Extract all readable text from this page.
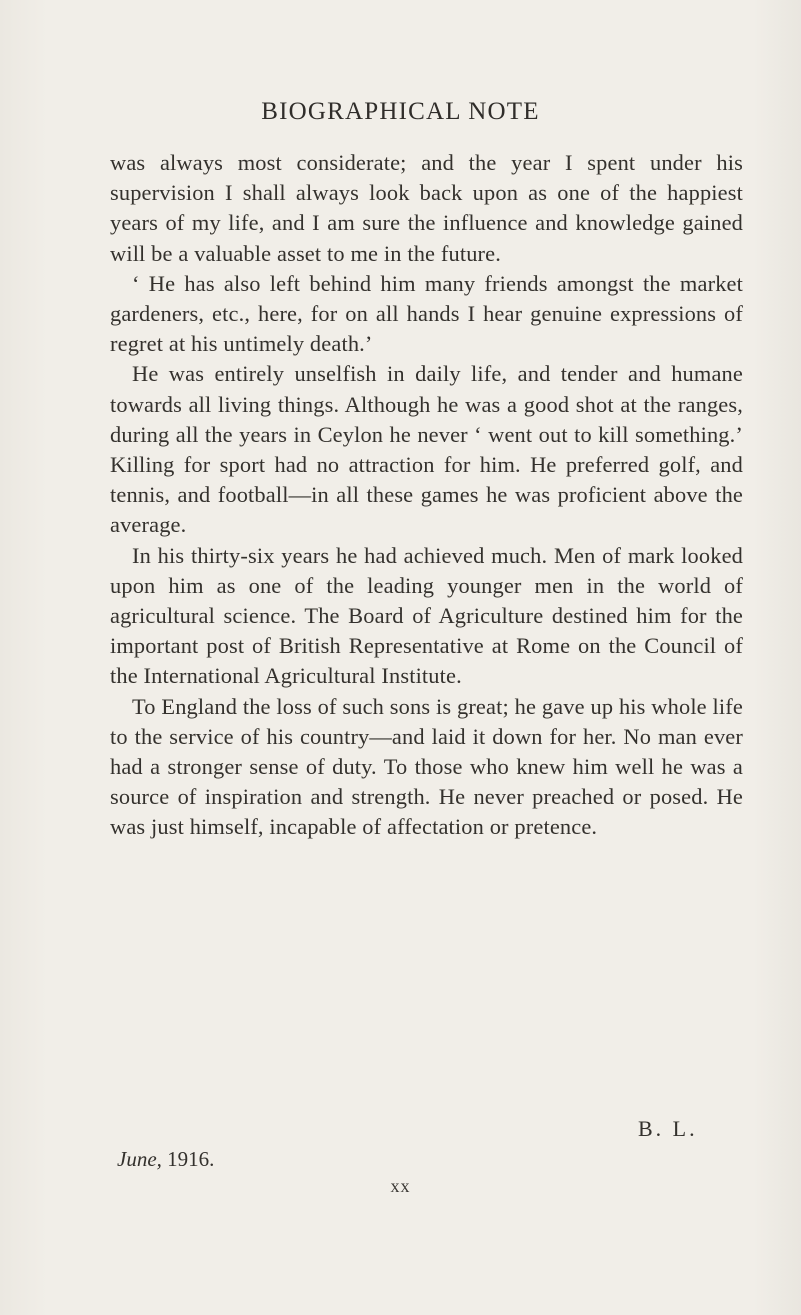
BIOGRAPHICAL NOTE

was always most considerate; and the year I spent under his supervision I shall always look back upon as one of the happiest years of my life, and I am sure the influence and knowledge gained will be a valuable asset to me in the future.

‘ He has also left behind him many friends amongst the market gardeners, etc., here, for on all hands I hear genuine expressions of regret at his untimely death.’

He was entirely unselfish in daily life, and tender and humane towards all living things. Although he was a good shot at the ranges, during all the years in Ceylon he never ‘ went out to kill something.’ Killing for sport had no attraction for him. He preferred golf, and tennis, and football—in all these games he was proficient above the average.

In his thirty-six years he had achieved much. Men of mark looked upon him as one of the leading younger men in the world of agricultural science. The Board of Agriculture destined him for the important post of British Representative at Rome on the Council of the International Agricultural Institute.

To England the loss of such sons is great; he gave up his whole life to the service of his country—and laid it down for her. No man ever had a stronger sense of duty. To those who knew him well he was a source of inspiration and strength. He never preached or posed. He was just himself, incapable of affectation or pretence.

B. L.
June, 1916.
xx
